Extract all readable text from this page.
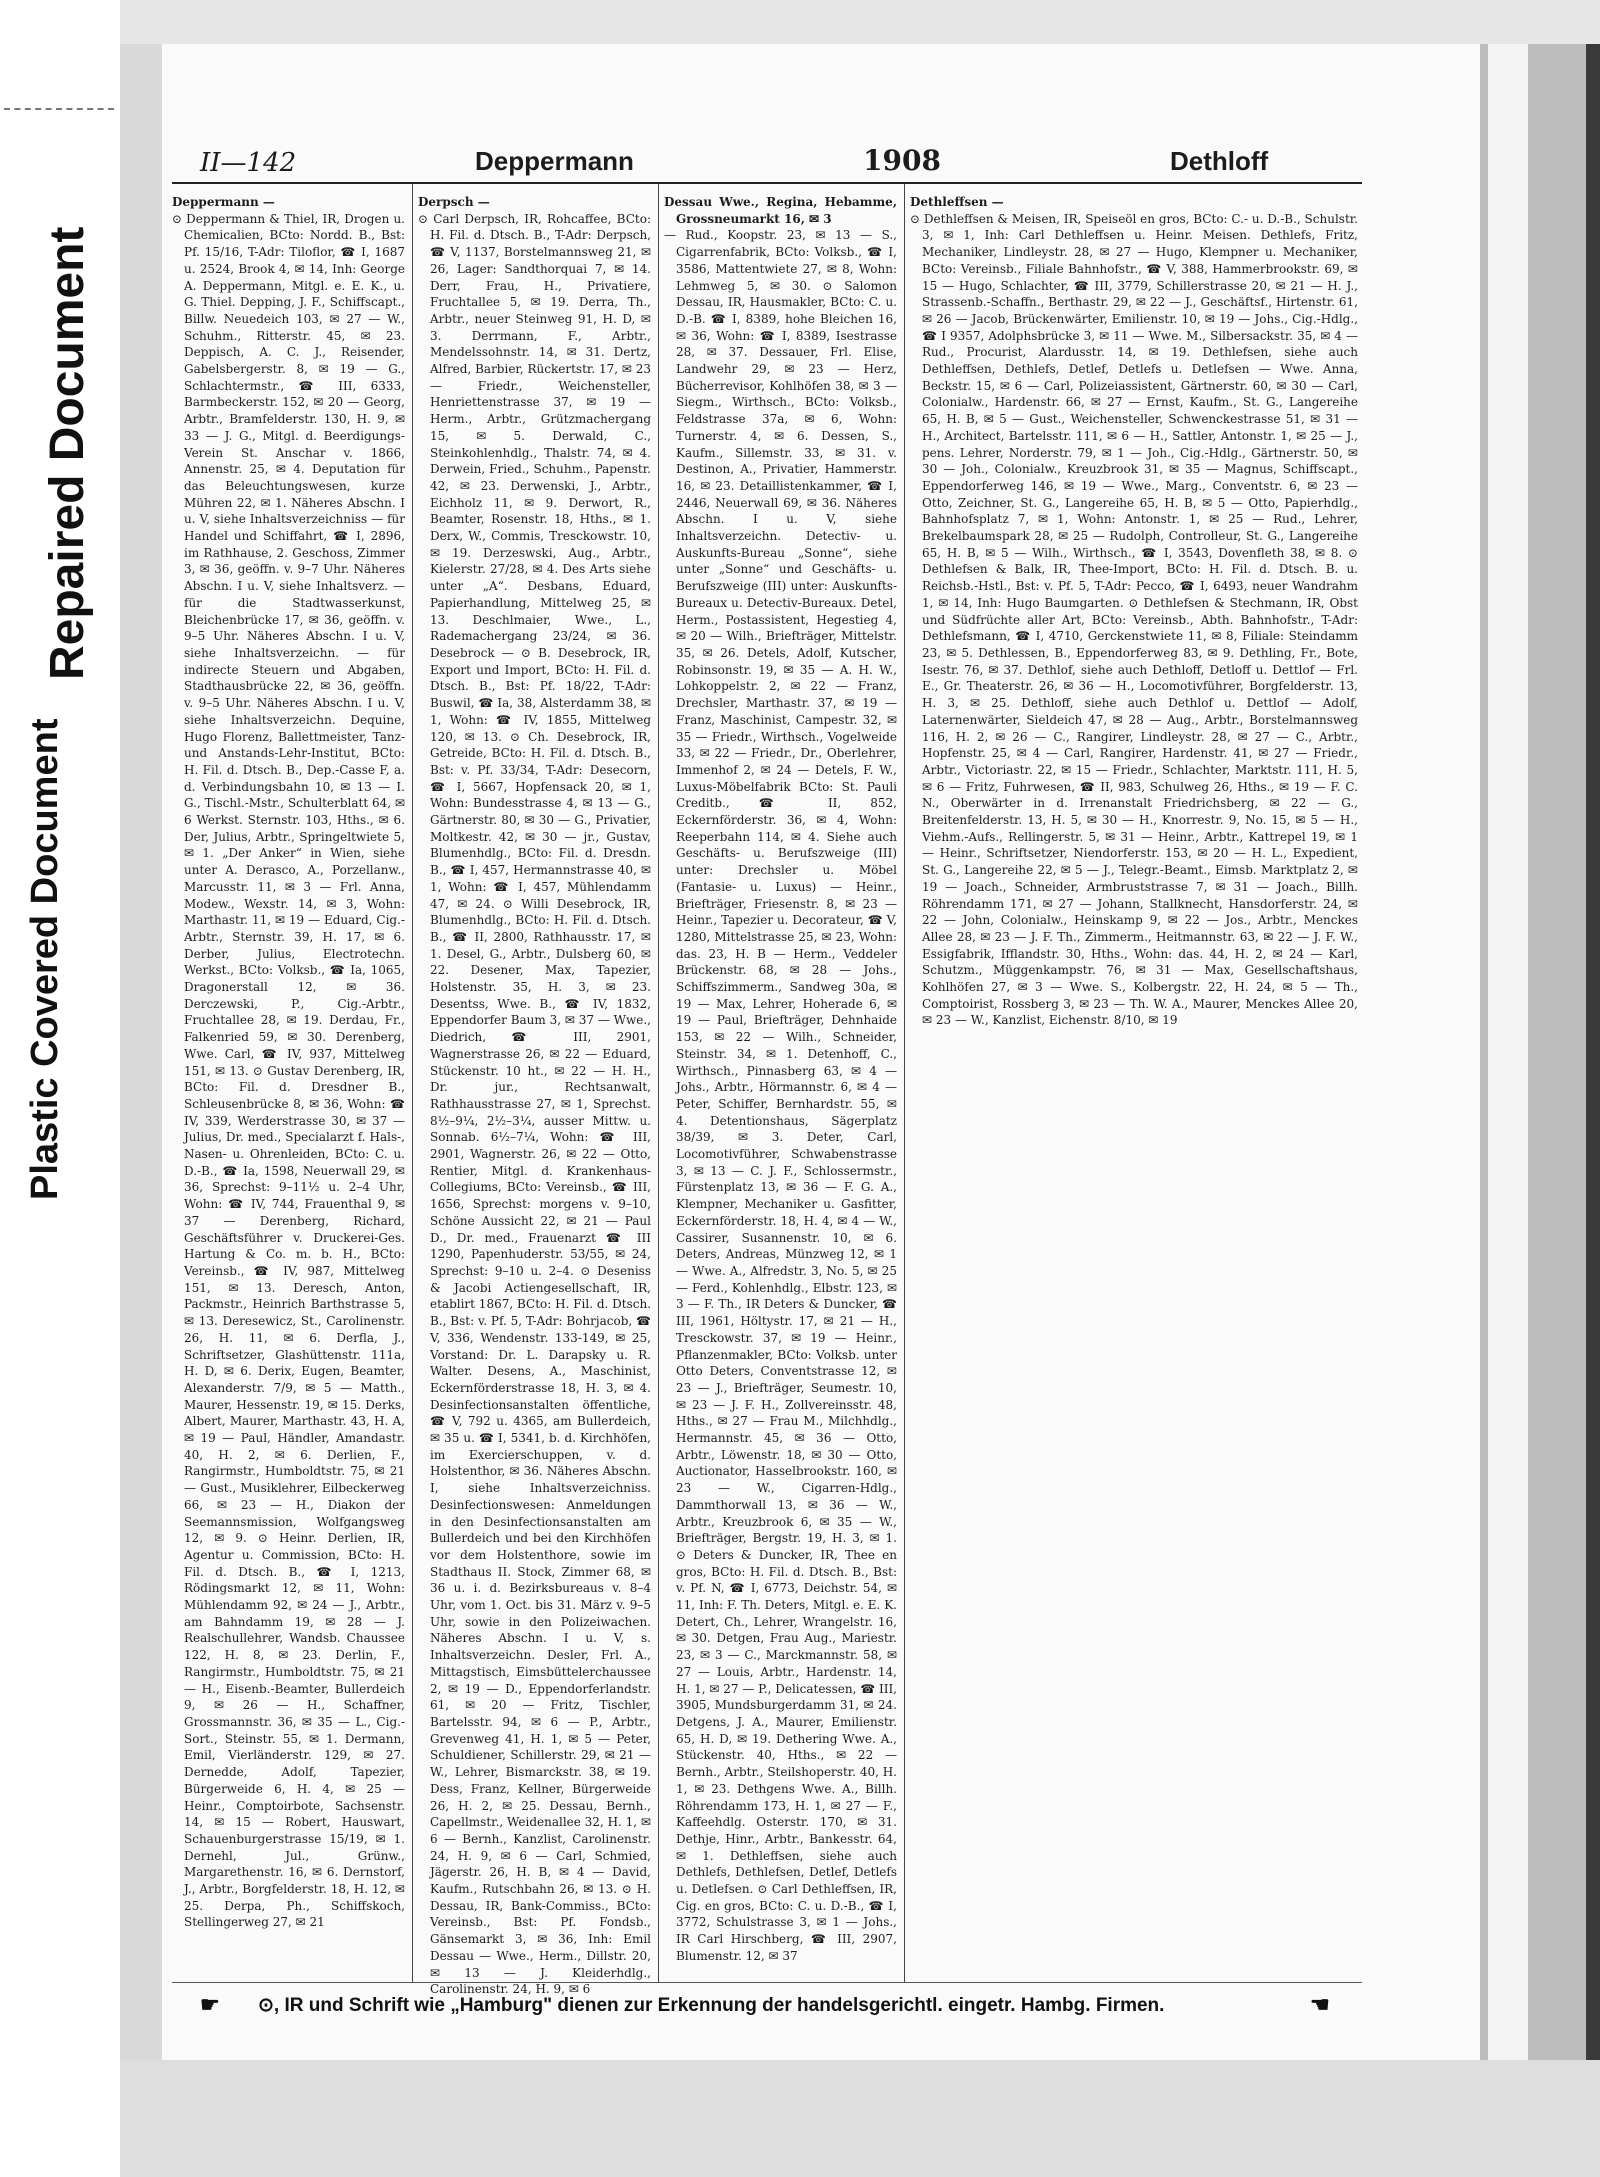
Repaired Document
Plastic Covered Document
II—142	Deppermann	1908	Dethloff

Deppermann —

⊙ Deppermann & Thiel, IR, Drogen u. Chemicalien, BCto: Nordd. B., Bst: Pf. 15/16, T-Adr: Tiloflor, ☎ I, 1687 u. 2524, Brook 4, ✉ 14, Inh: George A. Deppermann, Mitgl. e. E. K., u. G. Thiel. Depping, J. F., Schiffscapt., Billw. Neuedeich 103, ✉ 27 — W., Schuhm., Ritterstr. 45, ✉ 23. Deppisch, A. C. J., Reisender, Gabelsbergerstr. 8, ✉ 19 — G., Schlachtermstr., ☎ III, 6333, Barmbeckerstr. 152, ✉ 20 — Georg, Arbtr., Bramfelderstr. 130, H. 9, ✉ 33 — J. G., Mitgl. d. Beerdigungs-Verein St. Anschar v. 1866, Annenstr. 25, ✉ 4. Deputation für das Beleuchtungswesen, kurze Mühren 22, ✉ 1. Näheres Abschn. I u. V, siehe Inhaltsverzeichniss — für Handel und Schiffahrt, ☎ I, 2896, im Rathhause, 2. Geschoss, Zimmer 3, ✉ 36, geöffn. v. 9–7 Uhr. Näheres Abschn. I u. V, siehe Inhaltsverz. — für die Stadtwasserkunst, Bleichenbrücke 17, ✉ 36, geöffn. v. 9–5 Uhr. Näheres Abschn. I u. V, siehe Inhaltsverzeichn. — für indirecte Steuern und Abgaben, Stadthausbrücke 22, ✉ 36, geöffn. v. 9–5 Uhr. Näheres Abschn. I u. V, siehe Inhaltsverzeichn. Dequine, Hugo Florenz, Ballettmeister, Tanz- und Anstands-Lehr-Institut, BCto: H. Fil. d. Dtsch. B., Dep.-Casse F, a. d. Verbindungsbahn 10, ✉ 13 — I. G., Tischl.-Mstr., Schulterblatt 64, ✉ 6 Werkst. Sternstr. 103, Hths., ✉ 6. Der, Julius, Arbtr., Springeltwiete 5, ✉ 1. „Der Anker“ in Wien, siehe unter A. Derasco, A., Porzellanw., Marcusstr. 11, ✉ 3 — Frl. Anna, Modew., Wexstr. 14, ✉ 3, Wohn: Marthastr. 11, ✉ 19 — Eduard, Cig.-Arbtr., Sternstr. 39, H. 17, ✉ 6. Derber, Julius, Electrotechn. Werkst., BCto: Volksb., ☎ Ia, 1065, Dragonerstall 12, ✉ 36. Derczewski, P., Cig.-Arbtr., Fruchtallee 28, ✉ 19. Derdau, Fr., Falkenried 59, ✉ 30. Derenberg, Wwe. Carl, ☎ IV, 937, Mittelweg 151, ✉ 13. ⊙ Gustav Derenberg, IR, BCto: Fil. d. Dresdner B., Schleusenbrücke 8, ✉ 36, Wohn: ☎ IV, 339, Werderstrasse 30, ✉ 37 — Julius, Dr. med., Specialarzt f. Hals-, Nasen- u. Ohrenleiden, BCto: C. u. D.-B., ☎ Ia, 1598, Neuerwall 29, ✉ 36, Sprechst: 9–11½ u. 2–4 Uhr, Wohn: ☎ IV, 744, Frauenthal 9, ✉ 37 — Derenberg, Richard, Geschäftsführer v. Druckerei-Ges. Hartung & Co. m. b. H., BCto: Vereinsb., ☎ IV, 987, Mittelweg 151, ✉ 13. Deresch, Anton, Packmstr., Heinrich Barthstrasse 5, ✉ 13. Deresewicz, St., Carolinenstr. 26, H. 11, ✉ 6. Derfla, J., Schriftsetzer, Glashüttenstr. 111a, H. D, ✉ 6. Derix, Eugen, Beamter, Alexanderstr. 7/9, ✉ 5 — Matth., Maurer, Hessenstr. 19, ✉ 15. Derks, Albert, Maurer, Marthastr. 43, H. A, ✉ 19 — Paul, Händler, Amandastr. 40, H. 2, ✉ 6. Derlien, F., Rangirmstr., Humboldtstr. 75, ✉ 21 — Gust., Musiklehrer, Eilbeckerweg 66, ✉ 23 — H., Diakon der Seemannsmission, Wolfgangsweg 12, ✉ 9. ⊙ Heinr. Derlien, IR, Agentur u. Commission, BCto: H. Fil. d. Dtsch. B., ☎ I, 1213, Rödingsmarkt 12, ✉ 11, Wohn: Mühlendamm 92, ✉ 24 — J., Arbtr., am Bahndamm 19, ✉ 28 — J. Realschullehrer, Wandsb. Chaussee 122, H. 8, ✉ 23. Derlin, F., Rangirmstr., Humboldtstr. 75, ✉ 21 — H., Eisenb.-Beamter, Bullerdeich 9, ✉ 26 — H., Schaffner, Grossmannstr. 36, ✉ 35 — L., Cig.-Sort., Steinstr. 55, ✉ 1. Dermann, Emil, Vierländerstr. 129, ✉ 27. Dernedde, Adolf, Tapezier, Bürgerweide 6, H. 4, ✉ 25 — Heinr., Comptoirbote, Sachsenstr. 14, ✉ 15 — Robert, Hauswart, Schauenburgerstrasse 15/19, ✉ 1. Dernehl, Jul., Grünw., Margarethenstr. 16, ✉ 6. Dernstorf, J., Arbtr., Borgfelderstr. 18, H. 12, ✉ 25. Derpa, Ph., Schiffskoch, Stellingerweg 27, ✉ 21

Derpsch —

⊙ Carl Derpsch, IR, Rohcaffee, BCto: H. Fil. d. Dtsch. B., T-Adr: Derpsch, ☎ V, 1137, Borstelmannsweg 21, ✉ 26, Lager: Sandthorquai 7, ✉ 14. Derr, Frau, H., Privatiere, Fruchtallee 5, ✉ 19. Derra, Th., Arbtr., neuer Steinweg 91, H. D, ✉ 3. Derrmann, F., Arbtr., Mendelssohnstr. 14, ✉ 31. Dertz, Alfred, Barbier, Rückertstr. 17, ✉ 23 — Friedr., Weichensteller, Henriettenstrasse 37, ✉ 19 — Herm., Arbtr., Grützmachergang 15, ✉ 5. Derwald, C., Steinkohlenhdlg., Thalstr. 74, ✉ 4. Derwein, Fried., Schuhm., Papenstr. 42, ✉ 23. Derwenski, J., Arbtr., Eichholz 11, ✉ 9. Derwort, R., Beamter, Rosenstr. 18, Hths., ✉ 1. Derx, W., Commis, Tresckowstr. 10, ✉ 19. Derzeswski, Aug., Arbtr., Kielerstr. 27/28, ✉ 4. Des Arts siehe unter „A“. Desbans, Eduard, Papierhandlung, Mittelweg 25, ✉ 13. Deschlmaier, Wwe., L., Rademachergang 23/24, ✉ 36. Desebrock — ⊙ B. Desebrock, IR, Export und Import, BCto: H. Fil. d. Dtsch. B., Bst: Pf. 18/22, T-Adr: Buswil, ☎ Ia, 38, Alsterdamm 38, ✉ 1, Wohn: ☎ IV, 1855, Mittelweg 120, ✉ 13. ⊙ Ch. Desebrock, IR, Getreide, BCto: H. Fil. d. Dtsch. B., Bst: v. Pf. 33/34, T-Adr: Desecorn, ☎ I, 5667, Hopfensack 20, ✉ 1, Wohn: Bundesstrasse 4, ✉ 13 — G., Gärtnerstr. 80, ✉ 30 — G., Privatier, Moltkestr. 42, ✉ 30 — jr., Gustav, Blumenhdlg., BCto: Fil. d. Dresdn. B., ☎ I, 457, Hermannstrasse 40, ✉ 1, Wohn: ☎ I, 457, Mühlendamm 47, ✉ 24. ⊙ Willi Desebrock, IR, Blumenhdlg., BCto: H. Fil. d. Dtsch. B., ☎ II, 2800, Rathhausstr. 17, ✉ 1. Desel, G., Arbtr., Dulsberg 60, ✉ 22. Desener, Max, Tapezier, Holstenstr. 35, H. 3, ✉ 23. Desentss, Wwe. B., ☎ IV, 1832, Eppendorfer Baum 3, ✉ 37 — Wwe., Diedrich, ☎ III, 2901, Wagnerstrasse 26, ✉ 22 — Eduard, Stückenstr. 10 ht., ✉ 22 — H. H., Dr. jur., Rechtsanwalt, Rathhausstrasse 27, ✉ 1, Sprechst. 8½–9¼, 2½–3¼, ausser Mittw. u. Sonnab. 6½–7¼, Wohn: ☎ III, 2901, Wagnerstr. 26, ✉ 22 — Otto, Rentier, Mitgl. d. Krankenhaus-Collegiums, BCto: Vereinsb., ☎ III, 1656, Sprechst: morgens v. 9–10, Schöne Aussicht 22, ✉ 21 — Paul D., Dr. med., Frauenarzt ☎ III 1290, Papenhuderstr. 53/55, ✉ 24, Sprechst: 9–10 u. 2–4. ⊙ Deseniss & Jacobi Actiengesellschaft, IR, etablirt 1867, BCto: H. Fil. d. Dtsch. B., Bst: v. Pf. 5, T-Adr: Bohrjacob, ☎ V, 336, Wendenstr. 133-149, ✉ 25, Vorstand: Dr. L. Darapsky u. R. Walter. Desens, A., Maschinist, Eckernförderstrasse 18, H. 3, ✉ 4. Desinfectionsanstalten öffentliche, ☎ V, 792 u. 4365, am Bullerdeich, ✉ 35 u. ☎ I, 5341, b. d. Kirchhöfen, im Exercierschuppen, v. d. Holstenthor, ✉ 36. Näheres Abschn. I, siehe Inhaltsverzeichniss. Desinfectionswesen: Anmeldungen in den Desinfectionsanstalten am Bullerdeich und bei den Kirchhöfen vor dem Holstenthore, sowie im Stadthaus II. Stock, Zimmer 68, ✉ 36 u. i. d. Bezirksbureaus v. 8–4 Uhr, vom 1. Oct. bis 31. März v. 9–5 Uhr, sowie in den Polizeiwachen. Näheres Abschn. I u. V, s. Inhaltsverzeichn. Desler, Frl. A., Mittagstisch, Eimsbüttelerchaussee 2, ✉ 19 — D., Eppendorferlandstr. 61, ✉ 20 — Fritz, Tischler, Bartelsstr. 94, ✉ 6 — P., Arbtr., Grevenweg 41, H. 1, ✉ 5 — Peter, Schuldiener, Schillerstr. 29, ✉ 21 — W., Lehrer, Bismarckstr. 38, ✉ 19. Dess, Franz, Kellner, Bürgerweide 26, H. 2, ✉ 25. Dessau, Bernh., Capellmstr., Weidenallee 32, H. 1, ✉ 6 — Bernh., Kanzlist, Carolinenstr. 24, H. 9, ✉ 6 — Carl, Schmied, Jägerstr. 26, H. B, ✉ 4 — David, Kaufm., Rutschbahn 26, ✉ 13. ⊙ H. Dessau, IR, Bank-Commiss., BCto: Vereinsb., Bst: Pf. Fondsb., Gänsemarkt 3, ✉ 36, Inh: Emil Dessau — Wwe., Herm., Dillstr. 20, ✉ 13 — J. Kleiderhdlg., Carolinenstr. 24, H. 9, ✉ 6

Dessau Wwe., Regina, Hebamme, Grossneumarkt 16, ✉ 3

— Rud., Koopstr. 23, ✉ 13 — S., Cigarrenfabrik, BCto: Volksb., ☎ I, 3586, Mattentwiete 27, ✉ 8, Wohn: Lehmweg 5, ✉ 30. ⊙ Salomon Dessau, IR, Hausmakler, BCto: C. u. D.-B. ☎ I, 8389, hohe Bleichen 16, ✉ 36, Wohn: ☎ I, 8389, Isestrasse 28, ✉ 37. Dessauer, Frl. Elise, Landwehr 29, ✉ 23 — Herz, Bücherrevisor, Kohlhöfen 38, ✉ 3 — Siegm., Wirthsch., BCto: Volksb., Feldstrasse 37a, ✉ 6, Wohn: Turnerstr. 4, ✉ 6. Dessen, S., Kaufm., Sillemstr. 33, ✉ 31. v. Destinon, A., Privatier, Hammerstr. 16, ✉ 23. Detaillistenkammer, ☎ I, 2446, Neuerwall 69, ✉ 36. Näheres Abschn. I u. V, siehe Inhaltsverzeichn. Detectiv- u. Auskunfts-Bureau „Sonne“, siehe unter „Sonne“ und Geschäfts- u. Berufszweige (III) unter: Auskunfts-Bureaux u. Detectiv-Bureaux. Detel, Herm., Postassistent, Hegestieg 4, ✉ 20 — Wilh., Briefträger, Mittelstr. 35, ✉ 26. Detels, Adolf, Kutscher, Robinsonstr. 19, ✉ 35 — A. H. W., Lohkoppelstr. 2, ✉ 22 — Franz, Drechsler, Marthastr. 37, ✉ 19 — Franz, Maschinist, Campestr. 32, ✉ 35 — Friedr., Wirthsch., Vogelweide 33, ✉ 22 — Friedr., Dr., Oberlehrer, Immenhof 2, ✉ 24 — Detels, F. W., Luxus-Möbelfabrik BCto: St. Pauli Creditb., ☎ II, 852, Eckernförderstr. 36, ✉ 4, Wohn: Reeperbahn 114, ✉ 4. Siehe auch Geschäfts- u. Berufszweige (III) unter: Drechsler u. Möbel (Fantasie- u. Luxus) — Heinr., Briefträger, Friesenstr. 8, ✉ 23 — Heinr., Tapezier u. Decorateur, ☎ V, 1280, Mittelstrasse 25, ✉ 23, Wohn: das. 23, H. B — Herm., Veddeler Brückenstr. 68, ✉ 28 — Johs., Schiffszimmerm., Sandweg 30a, ✉ 19 — Max, Lehrer, Hoherade 6, ✉ 19 — Paul, Briefträger, Dehnhaide 153, ✉ 22 — Wilh., Schneider, Steinstr. 34, ✉ 1. Detenhoff, C., Wirthsch., Pinnasberg 63, ✉ 4 — Johs., Arbtr., Hörmannstr. 6, ✉ 4 — Peter, Schiffer, Bernhardstr. 55, ✉ 4. Detentionshaus, Sägerplatz 38/39, ✉ 3. Deter, Carl, Locomotivführer, Schwabenstrasse 3, ✉ 13 — C. J. F., Schlossermstr., Fürstenplatz 13, ✉ 36 — F. G. A., Klempner, Mechaniker u. Gasfitter, Eckernförderstr. 18, H. 4, ✉ 4 — W., Cassirer, Susannenstr. 10, ✉ 6. Deters, Andreas, Münzweg 12, ✉ 1 — Wwe. A., Alfredstr. 3, No. 5, ✉ 25 — Ferd., Kohlenhdlg., Elbstr. 123, ✉ 3 — F. Th., IR Deters & Duncker, ☎ III, 1961, Höltystr. 17, ✉ 21 — H., Tresckowstr. 37, ✉ 19 — Heinr., Pflanzenmakler, BCto: Volksb. unter Otto Deters, Conventstrasse 12, ✉ 23 — J., Briefträger, Seumestr. 10, ✉ 23 — J. F. H., Zollvereinsstr. 48, Hths., ✉ 27 — Frau M., Milchhdlg., Hermannstr. 45, ✉ 36 — Otto, Arbtr., Löwenstr. 18, ✉ 30 — Otto, Auctionator, Hasselbrookstr. 160, ✉ 23 — W., Cigarren-Hdlg., Dammthorwall 13, ✉ 36 — W., Arbtr., Kreuzbrook 6, ✉ 35 — W., Briefträger, Bergstr. 19, H. 3, ✉ 1. ⊙ Deters & Duncker, IR, Thee en gros, BCto: H. Fil. d. Dtsch. B., Bst: v. Pf. N, ☎ I, 6773, Deichstr. 54, ✉ 11, Inh: F. Th. Deters, Mitgl. e. E. K. Detert, Ch., Lehrer, Wrangelstr. 16, ✉ 30. Detgen, Frau Aug., Mariestr. 23, ✉ 3 — C., Marckmannstr. 58, ✉ 27 — Louis, Arbtr., Hardenstr. 14, H. 1, ✉ 27 — P., Delicatessen, ☎ III, 3905, Mundsburgerdamm 31, ✉ 24. Detgens, J. A., Maurer, Emilienstr. 65, H. D, ✉ 19. Dethering Wwe. A., Stückenstr. 40, Hths., ✉ 22 — Bernh., Arbtr., Steilshoperstr. 40, H. 1, ✉ 23. Dethgens Wwe. A., Billh. Röhrendamm 173, H. 1, ✉ 27 — F., Kaffeehdlg. Osterstr. 170, ✉ 31. Dethje, Hinr., Arbtr., Bankesstr. 64, ✉ 1. Dethleffsen, siehe auch Dethlefs, Dethlefsen, Detlef, Detlefs u. Detlefsen. ⊙ Carl Dethleffsen, IR, Cig. en gros, BCto: C. u. D.-B., ☎ I, 3772, Schulstrasse 3, ✉ 1 — Johs., IR Carl Hirschberg, ☎ III, 2907, Blumenstr. 12, ✉ 37

Dethleffsen —

⊙ Dethleffsen & Meisen, IR, Speiseöl en gros, BCto: C.- u. D.-B., Schulstr. 3, ✉ 1, Inh: Carl Dethleffsen u. Heinr. Meisen. Dethlefs, Fritz, Mechaniker, Lindleystr. 28, ✉ 27 — Hugo, Klempner u. Mechaniker, BCto: Vereinsb., Filiale Bahnhofstr., ☎ V, 388, Hammerbrookstr. 69, ✉ 15 — Hugo, Schlachter, ☎ III, 3779, Schillerstrasse 20, ✉ 21 — H. J., Strassenb.-Schaffn., Berthastr. 29, ✉ 22 — J., Geschäftsf., Hirtenstr. 61, ✉ 26 — Jacob, Brückenwärter, Emilienstr. 10, ✉ 19 — Johs., Cig.-Hdlg., ☎ I 9357, Adolphsbrücke 3, ✉ 11 — Wwe. M., Silbersackstr. 35, ✉ 4 — Rud., Procurist, Alardusstr. 14, ✉ 19. Dethlefsen, siehe auch Dethleffsen, Dethlefs, Detlef, Detlefs u. Detlefsen — Wwe. Anna, Beckstr. 15, ✉ 6 — Carl, Polizeiassistent, Gärtnerstr. 60, ✉ 30 — Carl, Colonialw., Hardenstr. 66, ✉ 27 — Ernst, Kaufm., St. G., Langereihe 65, H. B, ✉ 5 — Gust., Weichensteller, Schwenckestrasse 51, ✉ 31 — H., Architect, Bartelsstr. 111, ✉ 6 — H., Sattler, Antonstr. 1, ✉ 25 — J., pens. Lehrer, Norderstr. 79, ✉ 1 — Joh., Cig.-Hdlg., Gärtnerstr. 50, ✉ 30 — Joh., Colonialw., Kreuzbrook 31, ✉ 35 — Magnus, Schiffscapt., Eppendorferweg 146, ✉ 19 — Wwe., Marg., Conventstr. 6, ✉ 23 — Otto, Zeichner, St. G., Langereihe 65, H. B, ✉ 5 — Otto, Papierhdlg., Bahnhofsplatz 7, ✉ 1, Wohn: Antonstr. 1, ✉ 25 — Rud., Lehrer, Brekelbaumspark 28, ✉ 25 — Rudolph, Controlleur, St. G., Langereihe 65, H. B, ✉ 5 — Wilh., Wirthsch., ☎ I, 3543, Dovenfleth 38, ✉ 8. ⊙ Dethlefsen & Balk, IR, Thee-Import, BCto: H. Fil. d. Dtsch. B. u. Reichsb.-Hstl., Bst: v. Pf. 5, T-Adr: Pecco, ☎ I, 6493, neuer Wandrahm 1, ✉ 14, Inh: Hugo Baumgarten. ⊙ Dethlefsen & Stechmann, IR, Obst und Südfrüchte aller Art, BCto: Vereinsb., Abth. Bahnhofstr., T-Adr: Dethlefsmann, ☎ I, 4710, Gerckenstwiete 11, ✉ 8, Filiale: Steindamm 23, ✉ 5. Dethlessen, B., Eppendorferweg 83, ✉ 9. Dethling, Fr., Bote, Isestr. 76, ✉ 37. Dethlof, siehe auch Dethloff, Detloff u. Dettlof — Frl. E., Gr. Theaterstr. 26, ✉ 36 — H., Locomotivführer, Borgfelderstr. 13, H. 3, ✉ 25. Dethloff, siehe auch Dethlof u. Dettlof — Adolf, Laternenwärter, Sieldeich 47, ✉ 28 — Aug., Arbtr., Borstelmannsweg 116, H. 2, ✉ 26 — C., Rangirer, Lindleystr. 28, ✉ 27 — C., Arbtr., Hopfenstr. 25, ✉ 4 — Carl, Rangirer, Hardenstr. 41, ✉ 27 — Friedr., Arbtr., Victoriastr. 22, ✉ 15 — Friedr., Schlachter, Marktstr. 111, H. 5, ✉ 6 — Fritz, Fuhrwesen, ☎ II, 983, Schulweg 26, Hths., ✉ 19 — F. C. N., Oberwärter in d. Irrenanstalt Friedrichsberg, ✉ 22 — G., Breitenfelderstr. 13, H. 5, ✉ 30 — H., Knorrestr. 9, No. 15, ✉ 5 — H., Viehm.-Aufs., Rellingerstr. 5, ✉ 31 — Heinr., Arbtr., Kattrepel 19, ✉ 1 — Heinr., Schriftsetzer, Niendorferstr. 153, ✉ 20 — H. L., Expedient, St. G., Langereihe 22, ✉ 5 — J., Telegr.-Beamt., Eimsb. Marktplatz 2, ✉ 19 — Joach., Schneider, Armbruststrasse 7, ✉ 31 — Joach., Billh. Röhrendamm 171, ✉ 27 — Johann, Stallknecht, Hansdorferstr. 24, ✉ 22 — John, Colonialw., Heinskamp 9, ✉ 22 — Jos., Arbtr., Menckes Allee 28, ✉ 23 — J. F. Th., Zimmerm., Heitmannstr. 63, ✉ 22 — J. F. W., Essigfabrik, Ifflandstr. 30, Hths., Wohn: das. 44, H. 2, ✉ 24 — Karl, Schutzm., Müggenkampstr. 76, ✉ 31 — Max, Gesellschaftshaus, Kohlhöfen 27, ✉ 3 — Wwe. S., Kolbergstr. 22, H. 24, ✉ 5 — Th., Comptoirist, Rossberg 3, ✉ 23 — Th. W. A., Maurer, Menckes Allee 20, ✉ 23 — W., Kanzlist, Eichenstr. 8/10, ✉ 19

☛ ⊙, IR und Schrift wie „Hamburg" dienen zur Erkennung der handelsgerichtl. eingetr. Hambg. Firmen.	☛
